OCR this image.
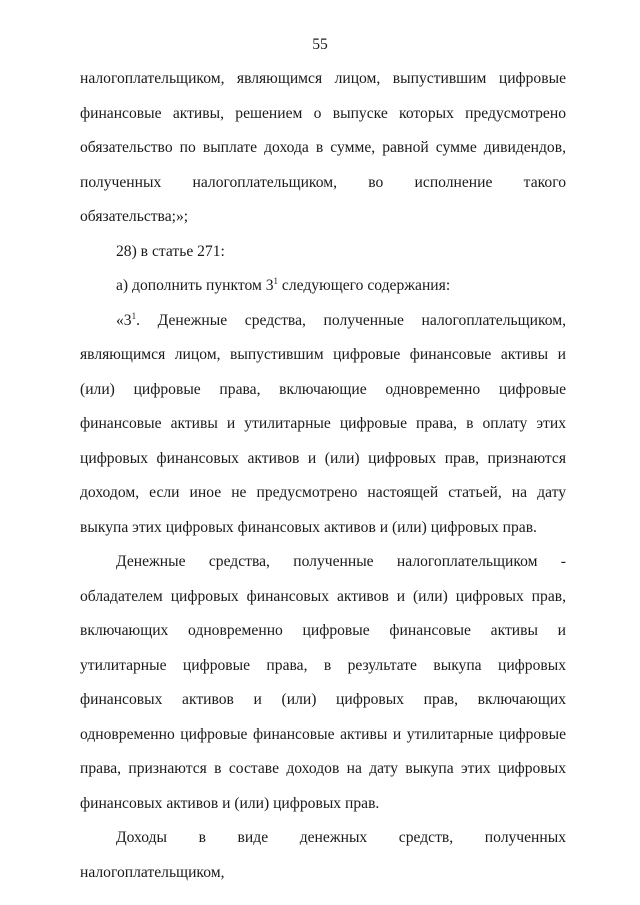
55

налогоплательщиком, являющимся лицом, выпустившим цифровые финансовые активы, решением о выпуске которых предусмотрено обязательство по выплате дохода в сумме, равной сумме дивидендов, полученных налогоплательщиком, во исполнение такого обязательства;»;

28) в статье 271:

а) дополнить пунктом $3^1$ следующего содержания:

«$3^1$. Денежные средства, полученные налогоплательщиком, являющимся лицом, выпустившим цифровые финансовые активы и (или) цифровые права, включающие одновременно цифровые финансовые активы и утилитарные цифровые права, в оплату этих цифровых финансовых активов и (или) цифровых прав, признаются доходом, если иное не предусмотрено настоящей статьей, на дату выкупа этих цифровых финансовых активов и (или) цифровых прав.

Денежные средства, полученные налогоплательщиком - обладателем цифровых финансовых активов и (или) цифровых прав, включающих одновременно цифровые финансовые активы и утилитарные цифровые права, в результате выкупа цифровых финансовых активов и (или) цифровых прав, включающих одновременно цифровые финансовые активы и утилитарные цифровые права, признаются в составе доходов на дату выкупа этих цифровых финансовых активов и (или) цифровых прав.

Доходы в виде денежных средств, полученных налогоплательщиком,
